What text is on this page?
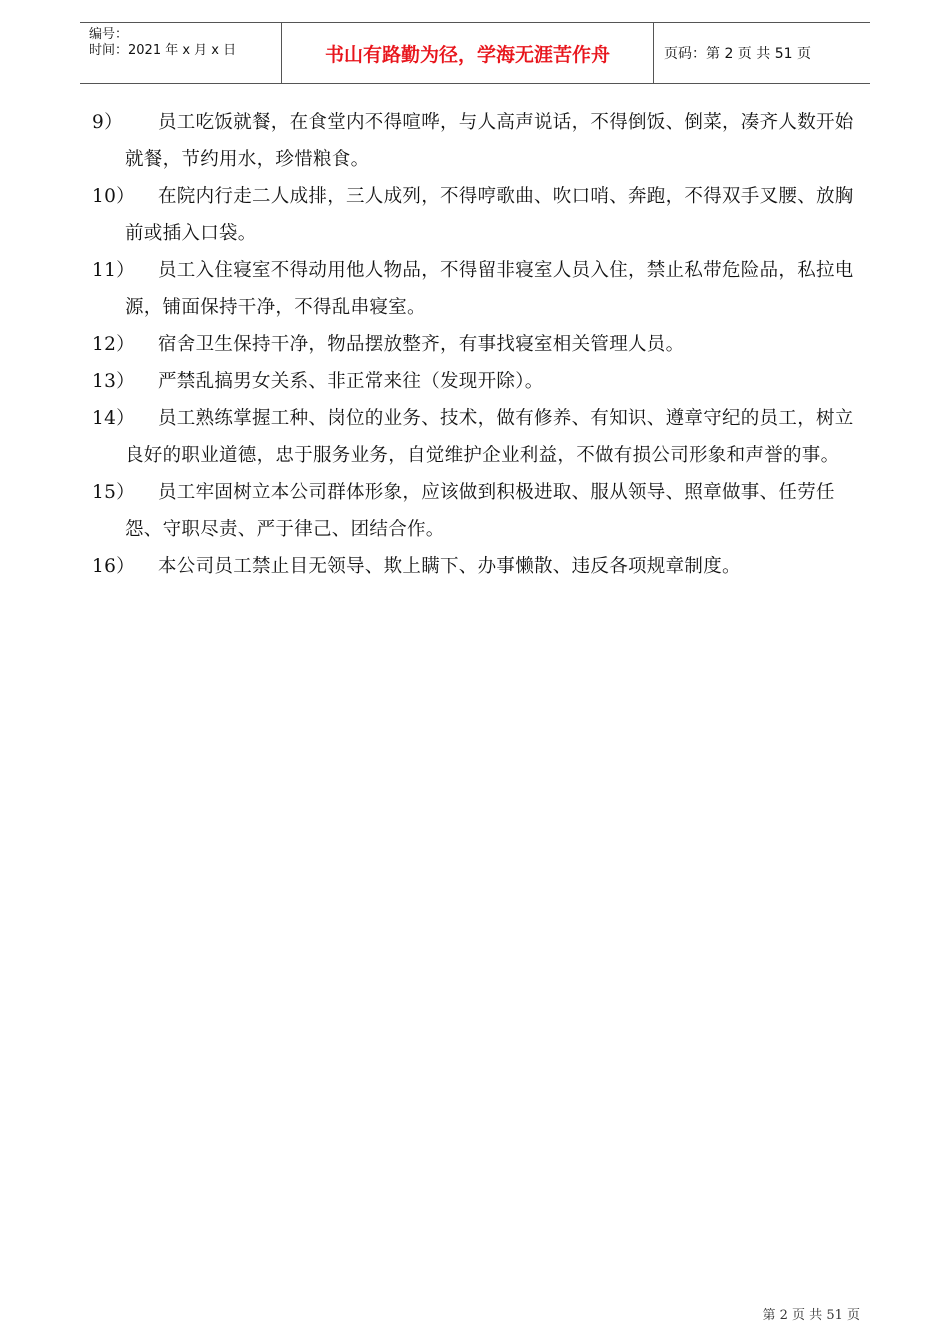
编号：
时间：2021 年 x 月 x 日	书山有路勤为径，学海无涯苦作舟	页码：第 2 页 共 51 页
9）	员工吃饭就餐，在食堂内不得喧哗，与人高声说话，不得倒饭、倒菜，凑齐人数开始就餐，节约用水，珍惜粮食。
10）	在院内行走二人成排，三人成列，不得哼歌曲、吹口哨、奔跑，不得双手叉腰、放胸前或插入口袋。
11）	员工入住寝室不得动用他人物品，不得留非寝室人员入住，禁止私带危险品，私拉电源，铺面保持干净，不得乱串寝室。
12）	宿舍卫生保持干净，物品摆放整齐，有事找寝室相关管理人员。
13）	严禁乱搞男女关系、非正常来往（发现开除）。
14）	员工熟练掌握工种、岗位的业务、技术，做有修养、有知识、遵章守纪的员工，树立良好的职业道德，忠于服务业务，自觉维护企业利益，不做有损公司形象和声誉的事。
15）	员工牢固树立本公司群体形象，应该做到积极进取、服从领导、照章做事、任劳任怨、守职尽责、严于律己、团结合作。
16）	本公司员工禁止目无领导、欺上瞒下、办事懒散、违反各项规章制度。
第 2 页 共 51 页
